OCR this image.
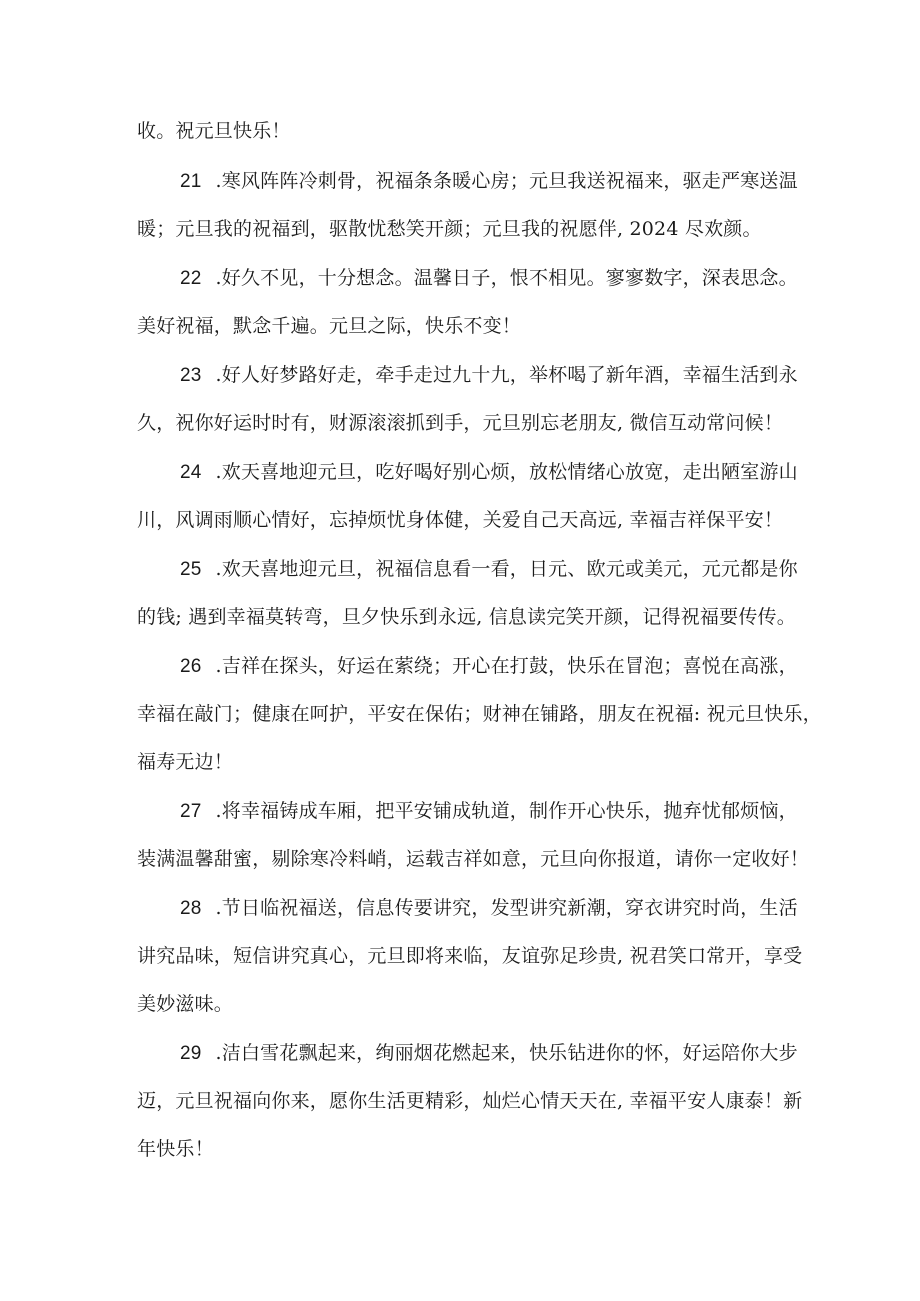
收。祝元旦快乐！
21 .寒风阵阵冷刺骨，祝福条条暖心房；元旦我送祝福来，驱走严寒送温
暖；元旦我的祝福到，驱散忧愁笑开颜；元旦我的祝愿伴, 2024 尽欢颜。
22 .好久不见，十分想念。温馨日子，恨不相见。寥寥数字，深表思念。
美好祝福，默念千遍。元旦之际，快乐不变！
23 .好人好梦路好走，牵手走过九十九，举杯喝了新年酒，幸福生活到永
久，祝你好运时时有，财源滚滚抓到手，元旦别忘老朋友, 微信互动常问候！
24 .欢天喜地迎元旦，吃好喝好别心烦，放松情绪心放宽，走出陋室游山
川，风调雨顺心情好，忘掉烦忧身体健，关爱自己天高远, 幸福吉祥保平安！
25 .欢天喜地迎元旦，祝福信息看一看，日元、欧元或美元，元元都是你
的钱; 遇到幸福莫转弯，旦夕快乐到永远, 信息读完笑开颜，记得祝福要传传。
26 .吉祥在探头，好运在萦绕；开心在打鼓，快乐在冒泡；喜悦在高涨，
幸福在敲门；健康在呵护，平安在保佑；财神在铺路，朋友在祝福: 祝元旦快乐，
福寿无边！
27 .将幸福铸成车厢，把平安铺成轨道，制作开心快乐，抛弃忧郁烦恼，
装满温馨甜蜜，剔除寒冷料峭，运载吉祥如意，元旦向你报道，请你一定收好！
28 .节日临祝福送，信息传要讲究，发型讲究新潮，穿衣讲究时尚，生活
讲究品味，短信讲究真心，元旦即将来临，友谊弥足珍贵, 祝君笑口常开，享受
美妙滋味。
29 .洁白雪花飘起来，绚丽烟花燃起来，快乐钻进你的怀，好运陪你大步
迈，元旦祝福向你来，愿你生活更精彩，灿烂心情天天在, 幸福平安人康泰！新
年快乐！
